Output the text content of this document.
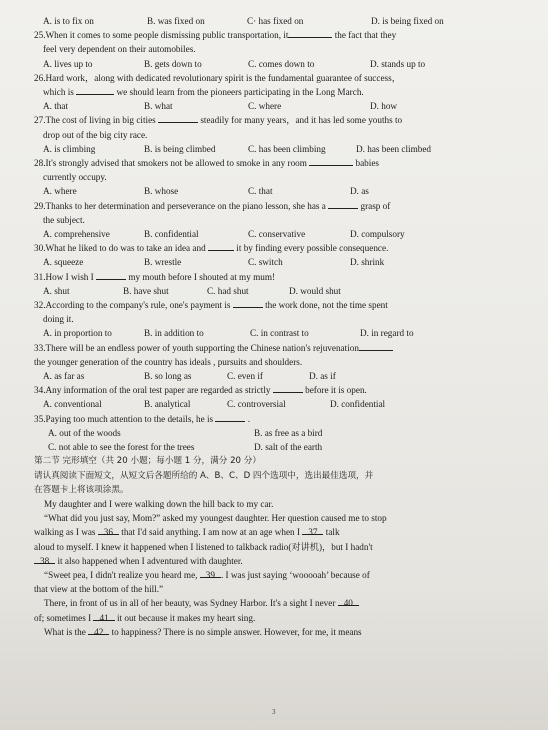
A. is to fix on	B. was fixed on	C· has fixed on	D. is being fixed on
25.When it comes to some people dismissing public transportation, it	the fact that they
feel very dependent on their automobiles.
A. lives up to	B. gets down to	C. comes down to	D. stands up to
26.Hard work，along with dedicated revolutionary spirit is the fundamental guarantee of success，
which is	we should learn from the pioneers participating in the Long March.
A. that	B. what	C. where	D. how
27.The cost of living in big cities	steadily for many years，and it has led some youths to
drop out of the big city race.
A. is climbing	B. is being climbed	C. has been climbing	D. has been climbed
28.It's strongly advised that smokers not be allowed to smoke in any room	babies
currently occupy.
A. where	B. whose	C. that	D. as
29.Thanks to her determination and perseverance on the piano lesson, she has a	grasp of
the subject.
A. comprehensive	B. confidential	C. conservative	D. compulsory
30.What he liked to do was to take an idea and	it by finding every possible consequence.
A. squeeze	B. wrestle	C. switch	D. shrink
31.How I wish I	my mouth before I shouted at my mum!
A. shut	B. have shut	C. had shut	D. would shut
32.According to the company's rule, one's payment is	the work done, not the time spent
doing it.
A. in proportion to	B. in addition to	C. in contrast to	D. in regard to
33.There will be an endless power of youth supporting the Chinese nation's rejuvenation
the younger generation of the country has ideals , pursuits and shoulders.
A. as far as	B. so long as	C. even if	D. as if
34.Any information of the oral test paper are regarded as strictly	before it is open.
A. conventional	B. analytical	C. controversial	D. confidential
35.Paying too much attention to the details, he is	.
A. out of the woods	B. as free as a bird
C. not able to see the forest for the trees	D. salt of the earth
第二节 完形填空（共 20 小题；每小题 1 分，满分 20 分）
请认真阅读下面短文，从短文后各题所给的 A、B、C、D 四个选项中，选出最佳选项，并
在答题卡上将该项涂黑。
My daughter and I were walking down the hill back to my car.
“What did you just say, Mom?” asked my youngest daughter. Her question caused me to stop
walking as I was 36 that I'd said anything. I am now at an age when I 37 talk
aloud to myself. I knew it happened when I listened to talkback radio(对讲机)，but I hadn't
38 it also happened when I adventured with daughter.
“Sweet pea, I didn't realize you heard me, 39 . I was just saying ‘wooooah’ because of
that view at the bottom of the hill.”
There, in front of us in all of her beauty, was Sydney Harbor. It's a sight I never 40
of; sometimes I 41 it out because it makes my heart sing.
What is the 42 to happiness? There is no simple answer. However, for me, it means
3
